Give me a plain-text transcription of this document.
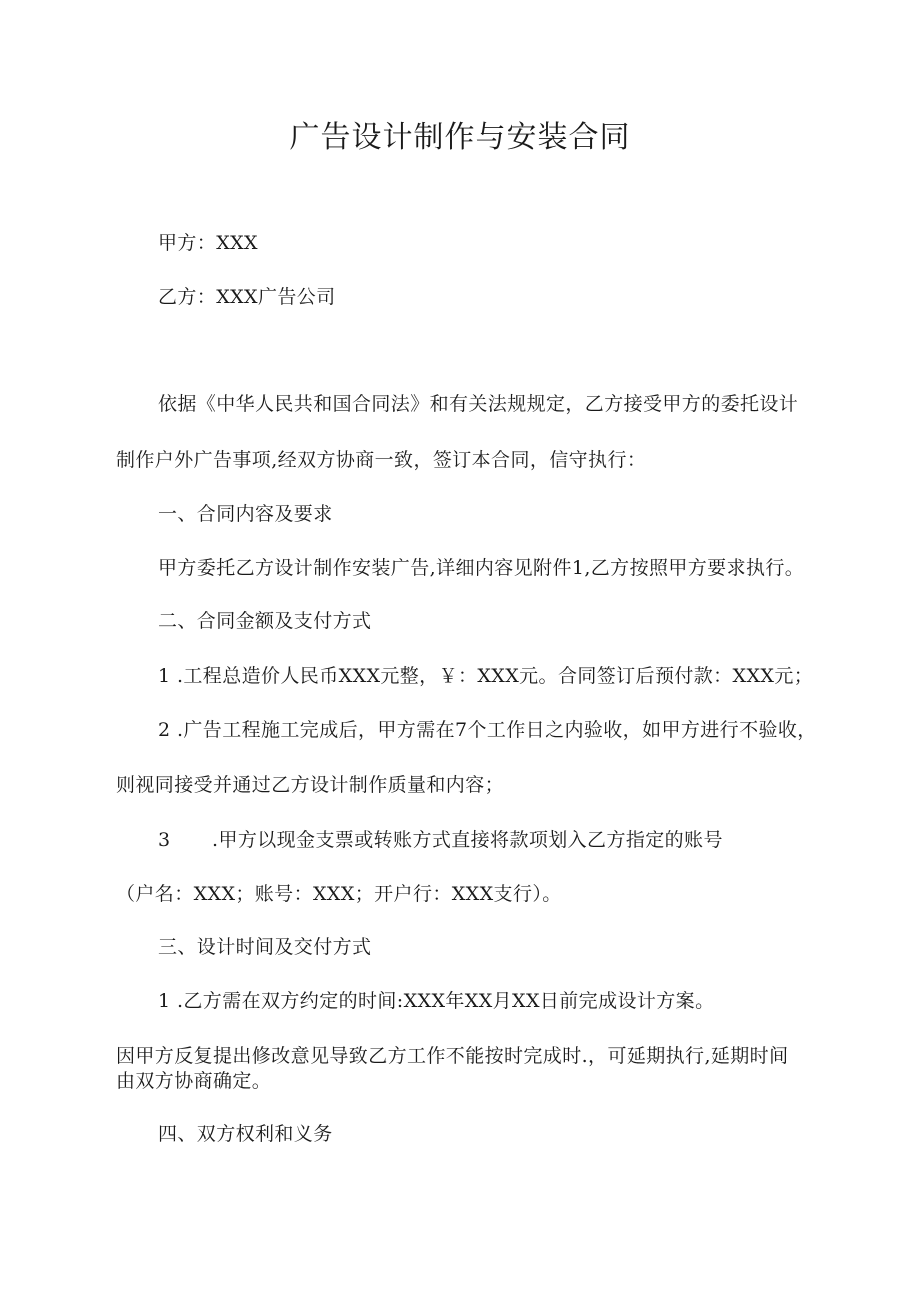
广告设计制作与安装合同
甲方：XXX
乙方：XXX广告公司
依据《中华人民共和国合同法》和有关法规规定，乙方接受甲方的委托设计
制作户外广告事项,经双方协商一致，签订本合同，信守执行：
一、合同内容及要求
甲方委托乙方设计制作安装广告,详细内容见附件1,乙方按照甲方要求执行。
二、合同金额及支付方式
1 .工程总造价人民币XXX元整，￥：XXX元。合同签订后预付款：XXX元；
2 .广告工程施工完成后，甲方需在7个工作日之内验收，如甲方进行不验收，
则视同接受并通过乙方设计制作质量和内容；
3 .甲方以现金支票或转账方式直接将款项划入乙方指定的账号
（户名：XXX；账号：XXX；开户行：XXX支行）。
三、设计时间及交付方式
1 .乙方需在双方约定的时间:XXX年XX月XX日前完成设计方案。
因甲方反复提出修改意见导致乙方工作不能按时完成时.，可延期执行,延期时间
由双方协商确定。
四、双方权利和义务
